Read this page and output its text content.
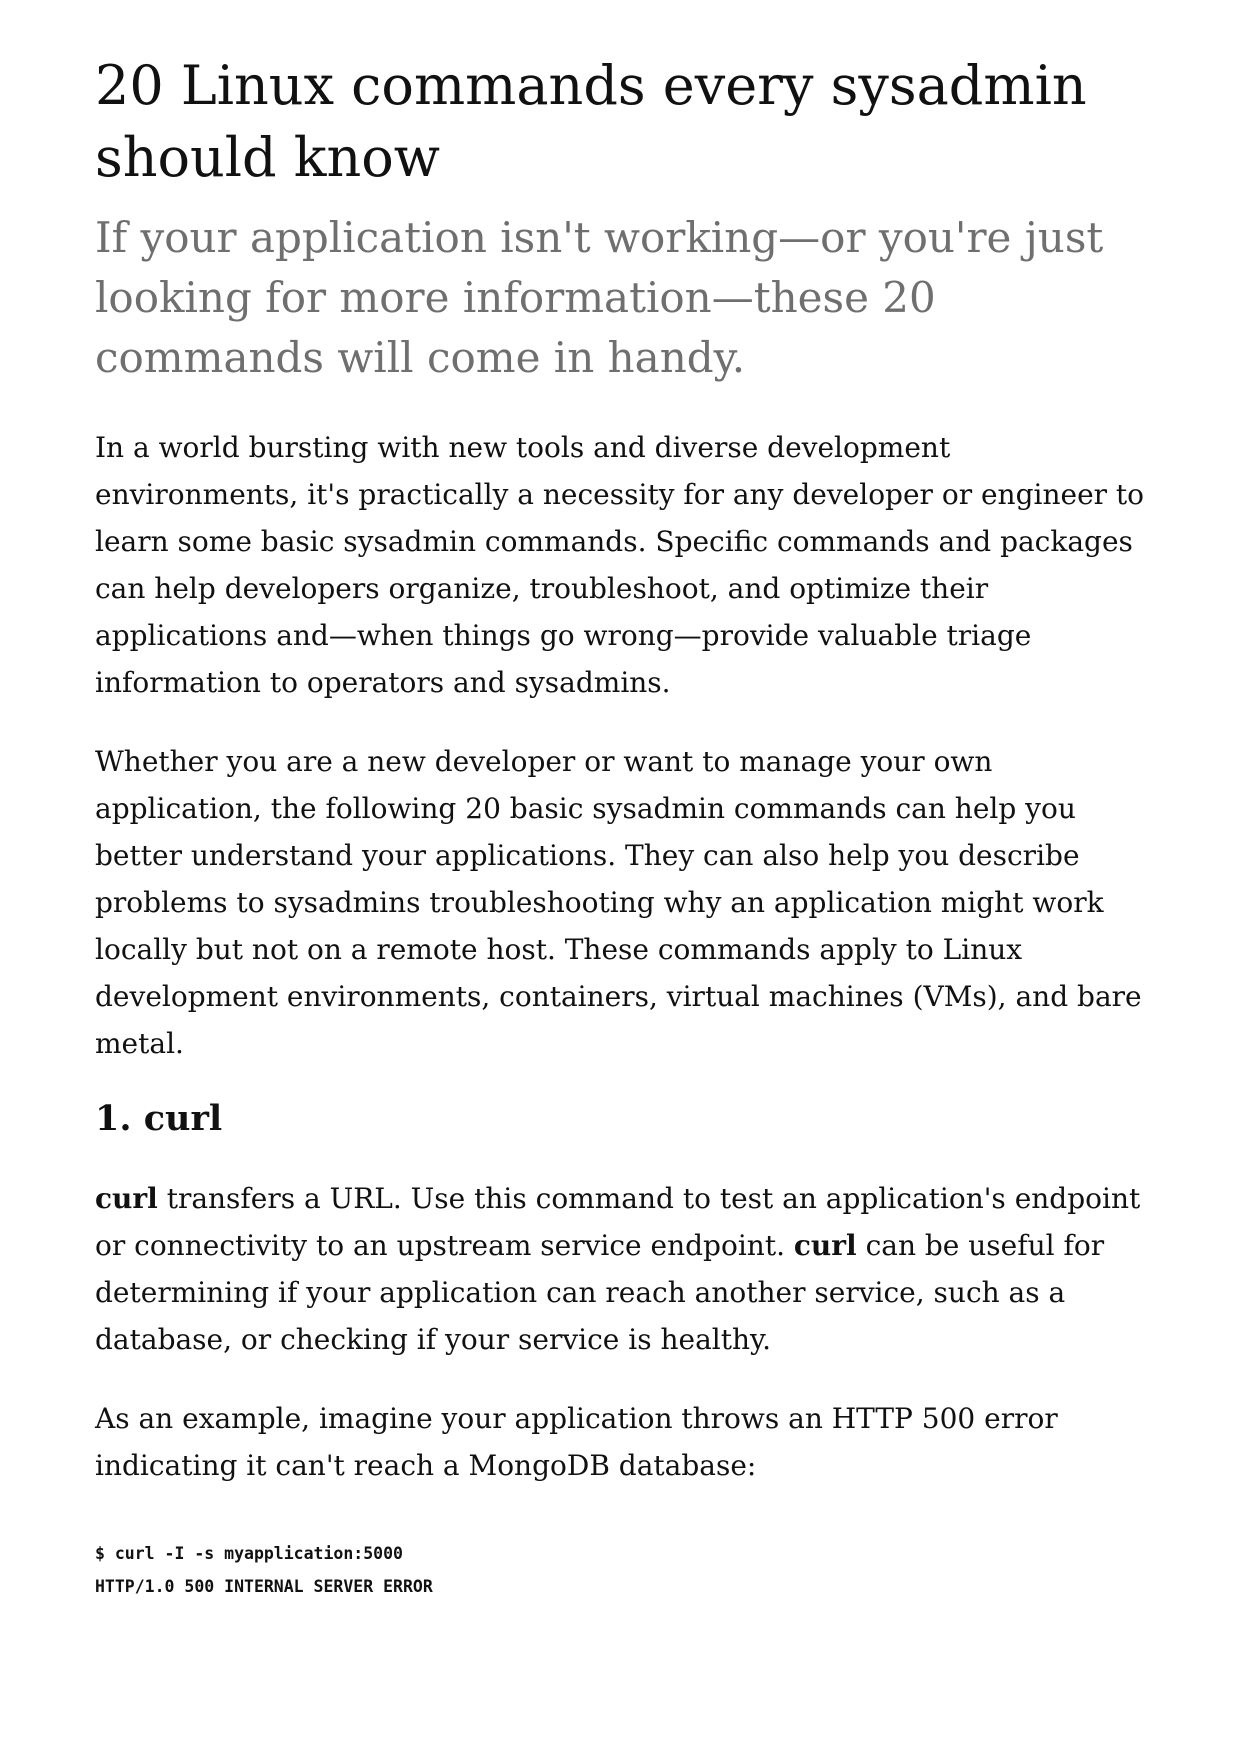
20 Linux commands every sysadmin should know
If your application isn't working—or you're just looking for more information—these 20 commands will come in handy.

In a world bursting with new tools and diverse development environments, it's practically a necessity for any developer or engineer to learn some basic sysadmin commands. Specific commands and packages can help developers organize, troubleshoot, and optimize their applications and—when things go wrong—provide valuable triage information to operators and sysadmins.

Whether you are a new developer or want to manage your own application, the following 20 basic sysadmin commands can help you better understand your applications. They can also help you describe problems to sysadmins troubleshooting why an application might work locally but not on a remote host. These commands apply to Linux development environments, containers, virtual machines (VMs), and bare metal.

1. curl

curl transfers a URL. Use this command to test an application's endpoint or connectivity to an upstream service endpoint. curl can be useful for determining if your application can reach another service, such as a database, or checking if your service is healthy.

As an example, imagine your application throws an HTTP 500 error indicating it can't reach a MongoDB database:

$ curl -I -s myapplication:5000
HTTP/1.0 500 INTERNAL SERVER ERROR
